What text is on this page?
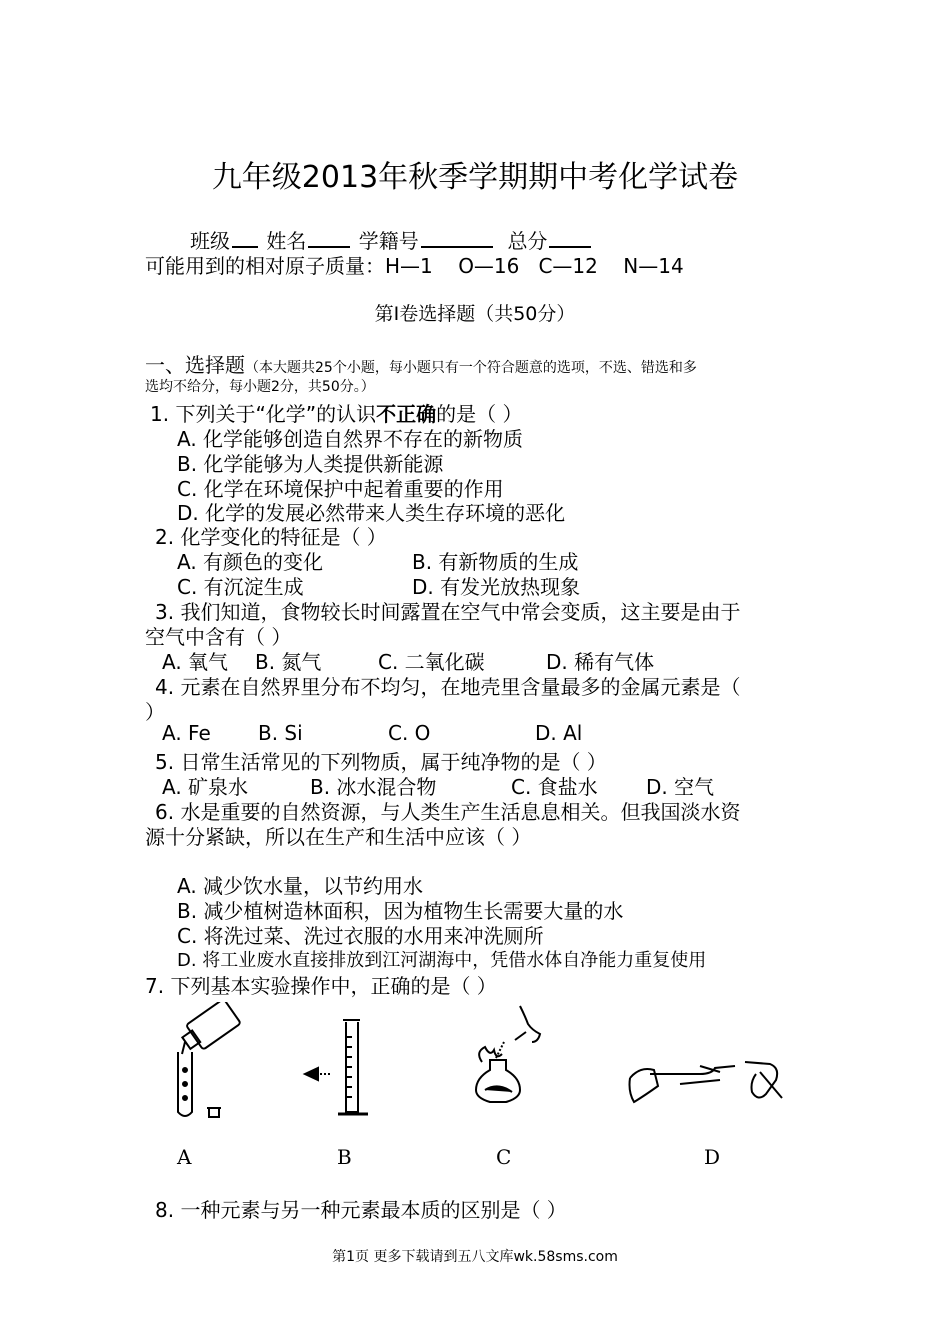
九年级2013年秋季学期期中考化学试卷
班级 姓名	学籍号	总分
可能用到的相对原子质量：H—1    O—16   C—12    N—14
第Ⅰ卷选择题（共50分）
一、选择题（本大题共25个小题，每小题只有一个符合题意的选项，不选、错选和多
选均不给分，每小题2分，共50分。）
1. 下列关于“化学”的认识不正确的是（ ）
A. 化学能够创造自然界不存在的新物质
B. 化学能够为人类提供新能源
C. 化学在环境保护中起着重要的作用
D. 化学的发展必然带来人类生存环境的恶化
2. 化学变化的特征是（ ）
A. 有颜色的变化	B. 有新物质的生成
C. 有沉淀生成	D. 有发光放热现象
3. 我们知道，食物较长时间露置在空气中常会变质，这主要是由于
空气中含有（ ）
A. 氧气 B. 氮气	C. 二氧化碳	D. 稀有气体
4. 元素在自然界里分布不均匀，在地壳里含量最多的金属元素是（
）
A. Fe B. Si	C. O	D. Al
5. 日常生活常见的下列物质，属于纯净物的是（ ）
A. 矿泉水	B. 冰水混合物	C. 食盐水 D. 空气
6. 水是重要的自然资源，与人类生产生活息息相关。但我国淡水资
源十分紧缺，所以在生产和生活中应该（ ）
A. 减少饮水量，以节约用水
B. 减少植树造林面积，因为植物生长需要大量的水
C. 将洗过菜、洗过衣服的水用来冲洗厕所
D. 将工业废水直接排放到江河湖海中，凭借水体自净能力重复使用
7. 下列基本实验操作中，正确的是（ ）
A	B	C	D
8. 一种元素与另一种元素最本质的区别是（ ）
第1页 更多下载请到五八文库wk.58sms.com
